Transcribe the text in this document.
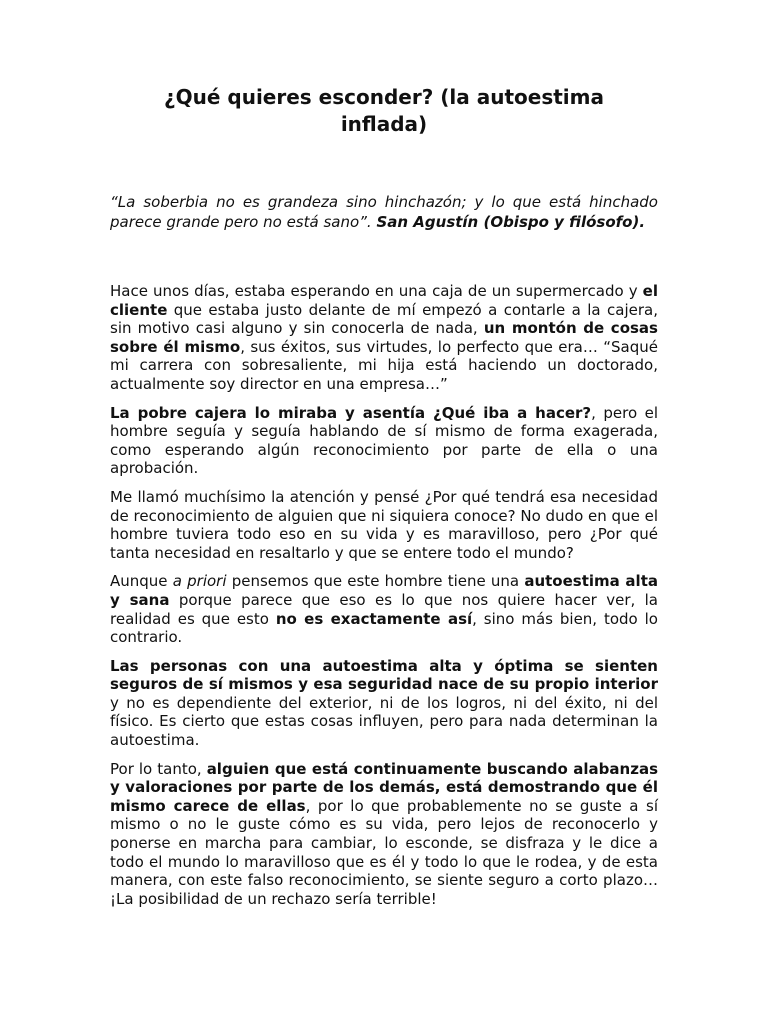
¿Qué quieres esconder? (la autoestima inflada)
“La soberbia no es grandeza sino hinchazón; y lo que está hinchado parece grande pero no está sano”. San Agustín (Obispo y filósofo).

Hace unos días, estaba esperando en una caja de un supermercado y el cliente que estaba justo delante de mí empezó a contarle a la cajera, sin motivo casi alguno y sin conocerla de nada, un montón de cosas sobre él mismo, sus éxitos, sus virtudes, lo perfecto que era… “Saqué mi carrera con sobresaliente, mi hija está haciendo un doctorado, actualmente soy director en una empresa…”

La pobre cajera lo miraba y asentía ¿Qué iba a hacer?, pero el hombre seguía y seguía hablando de sí mismo de forma exagerada, como esperando algún reconocimiento por parte de ella o una aprobación.

Me llamó muchísimo la atención y pensé ¿Por qué tendrá esa necesidad de reconocimiento de alguien que ni siquiera conoce? No dudo en que el hombre tuviera todo eso en su vida y es maravilloso, pero ¿Por qué tanta necesidad en resaltarlo y que se entere todo el mundo?

Aunque a priori pensemos que este hombre tiene una autoestima alta y sana porque parece que eso es lo que nos quiere hacer ver, la realidad es que esto no es exactamente así, sino más bien, todo lo contrario.

Las personas con una autoestima alta y óptima se sienten seguros de sí mismos y esa seguridad nace de su propio interior y no es dependiente del exterior, ni de los logros, ni del éxito, ni del físico. Es cierto que estas cosas influyen, pero para nada determinan la autoestima.

Por lo tanto, alguien que está continuamente buscando alabanzas y valoraciones por parte de los demás, está demostrando que él mismo carece de ellas, por lo que probablemente no se guste a sí mismo o no le guste cómo es su vida, pero lejos de reconocerlo y ponerse en marcha para cambiar, lo esconde, se disfraza y le dice a todo el mundo lo maravilloso que es él y todo lo que le rodea, y de esta manera, con este falso reconocimiento, se siente seguro a corto plazo… ¡La posibilidad de un rechazo sería terrible!
